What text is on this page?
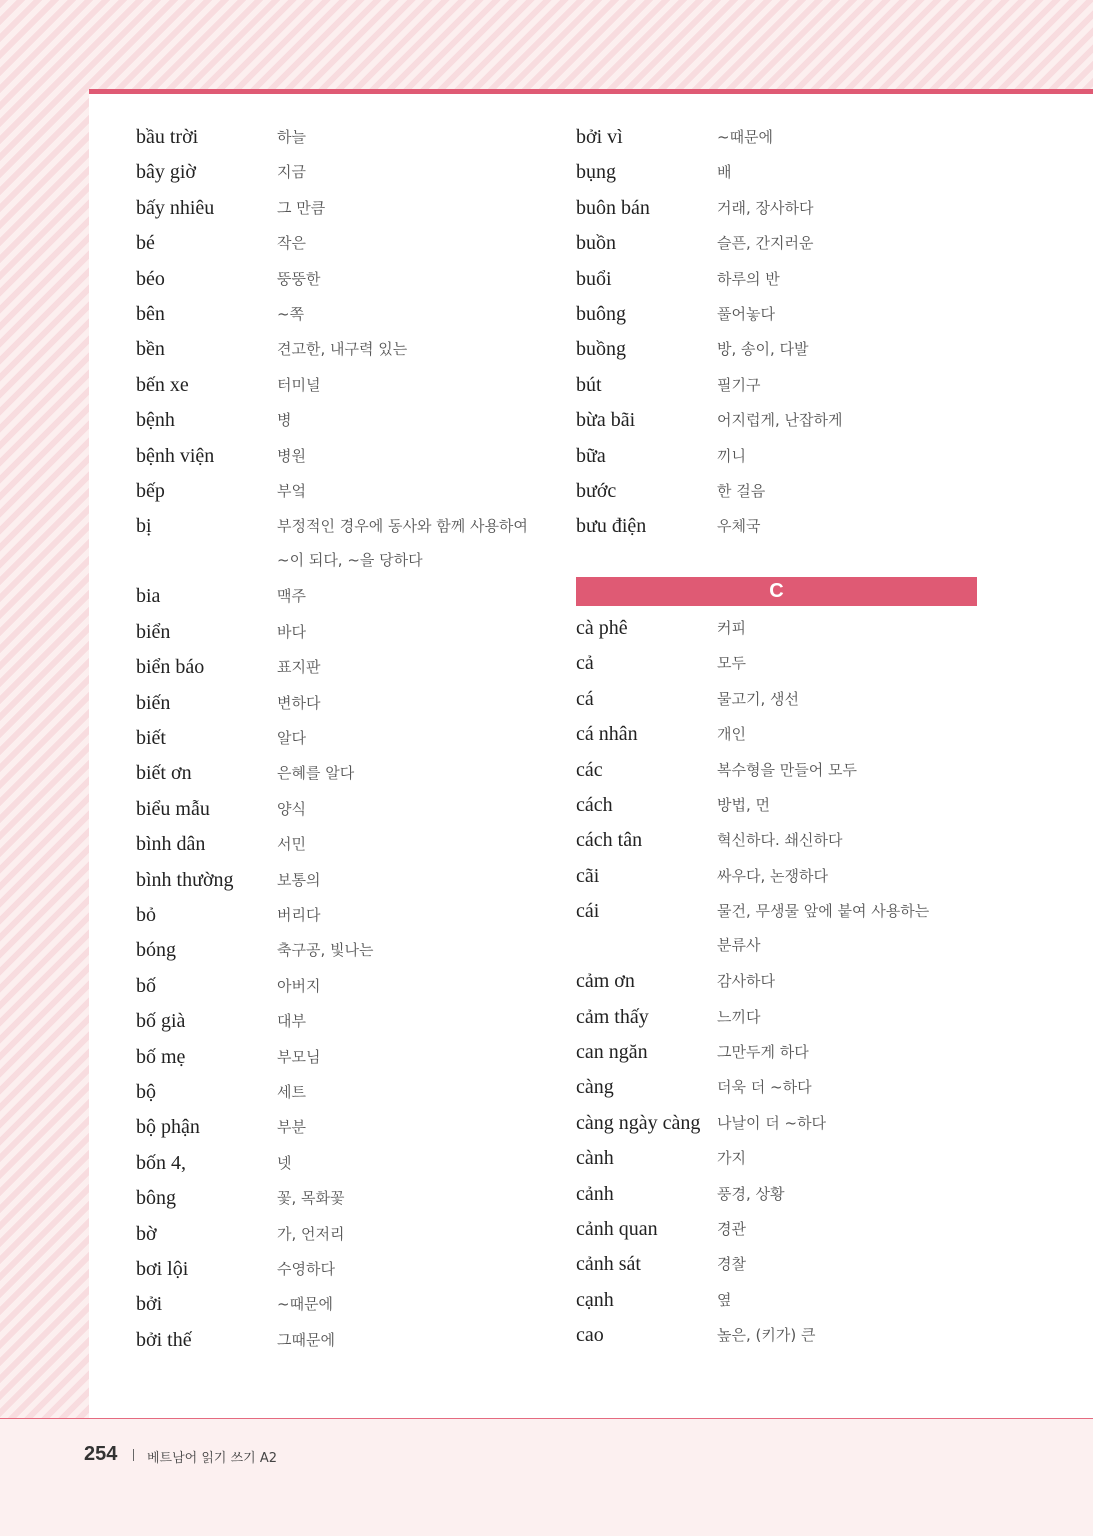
bầu trời	하늘
bây giờ	지금
bấy nhiêu	그 만큼
bé	작은
béo	뚱뚱한
bên	~쪽
bền	견고한, 내구력 있는
bến xe	터미널
bệnh	병
bệnh viện	병원
bếp	부엌
bị	부정적인 경우에 동사와 함께 사용하여
~이 되다, ~을 당하다
bia	맥주
biển	바다
biển báo	표지판
biến	변하다
biết	알다
biết ơn	은혜를 알다
biểu mẫu	양식
bình dân	서민
bình thường	보통의
bỏ	버리다
bóng	축구공, 빛나는
bố	아버지
bố già	대부
bố mẹ	부모님
bộ	세트
bộ phận	부분
bốn 4,	넷
bông	꽃, 목화꽃
bờ	가, 언저리
bơi lội	수영하다
bởi	~때문에
bởi thế	그때문에
bởi vì	~때문에
bụng	배
buôn bán	거래, 장사하다
buồn	슬픈, 간지러운
buổi	하루의 반
buông	풀어놓다
buồng	방, 송이, 다발
bút	필기구
bừa bãi	어지럽게, 난잡하게
bữa	끼니
bước	한 걸음
bưu điện	우체국
C
cà phê	커피
cả	모두
cá	물고기, 생선
cá nhân	개인
các	복수형을 만들어 모두
cách	방법, 먼
cách tân	혁신하다. 쇄신하다
cãi	싸우다, 논쟁하다
cái	물건, 무생물 앞에 붙여 사용하는
분류사
cảm ơn	감사하다
cảm thấy	느끼다
can ngăn	그만두게 하다
càng	더욱 더 ~하다
càng ngày càng 나날이 더 ~하다
cành	가지
cảnh	풍경, 상황
cảnh quan	경관
cảnh sát	경찰
cạnh	옆
cao	높은, (키가) 큰
254 베트남어 읽기 쓰기 A2
